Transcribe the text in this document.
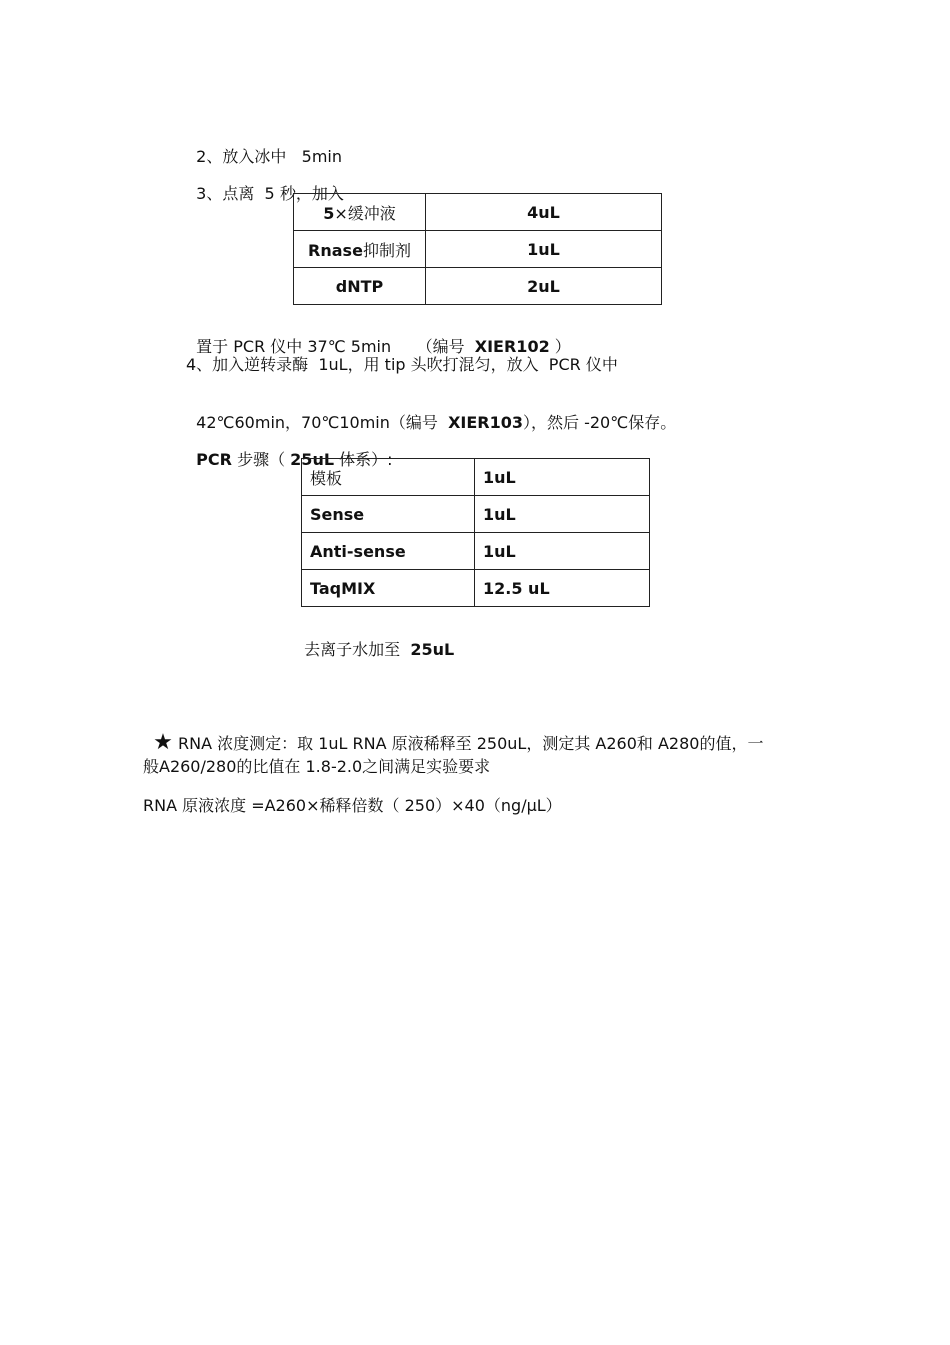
2、放入冰中 5min

3、点离 5 秒，加入

5×缓冲液	4uL
Rnase抑制剂	1uL
dNTP	2uL

置于 PCR 仪中 37℃ 5min （编号 XIER102 ）

4、加入逆转录酶  1uL，用 tip 头吹打混匀，放入  PCR 仪中

42℃60min，70℃10min（编号 XIER103），然后 -20℃保存。

PCR 步骤（ 25uL 体系）:

模板	1uL
Sense	1uL
Anti-sense	1uL
TaqMIX	12.5 uL

去离子水加至 25uL

★ RNA 浓度测定：取 1uL RNA 原液稀释至 250uL，测定其 A260和 A280的值，一

般A260/280的比值在 1.8-2.0之间满足实验要求
RNA 原液浓度 =A260×稀释倍数（ 250）×40（ng/μL）
